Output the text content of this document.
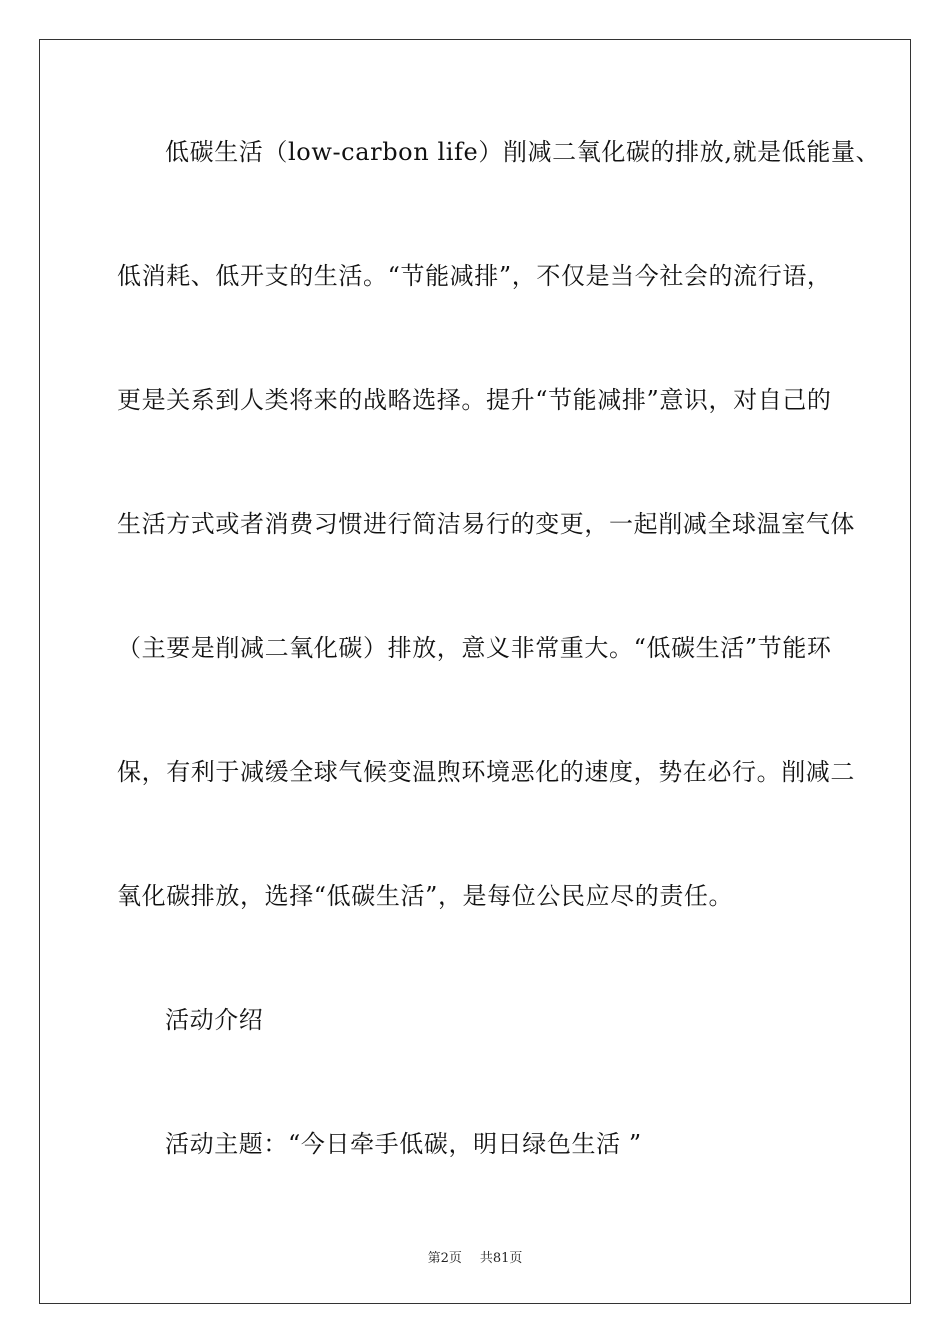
低碳生活（low-carbon life）削减二氧化碳的排放,就是低能量、
低消耗、低开支的生活。“节能减排”，不仅是当今社会的流行语，
更是关系到人类将来的战略选择。提升“节能减排”意识，对自己的
生活方式或者消费习惯进行简洁易行的变更，一起削减全球温室气体
（主要是削减二氧化碳）排放，意义非常重大。“低碳生活”节能环
保，有利于减缓全球气候变温煦环境恶化的速度，势在必行。削减二
氧化碳排放，选择“低碳生活”，是每位公民应尽的责任。
活动介绍
活动主题：“今日牵手低碳，明日绿色生活 ”
第2页 共81页
